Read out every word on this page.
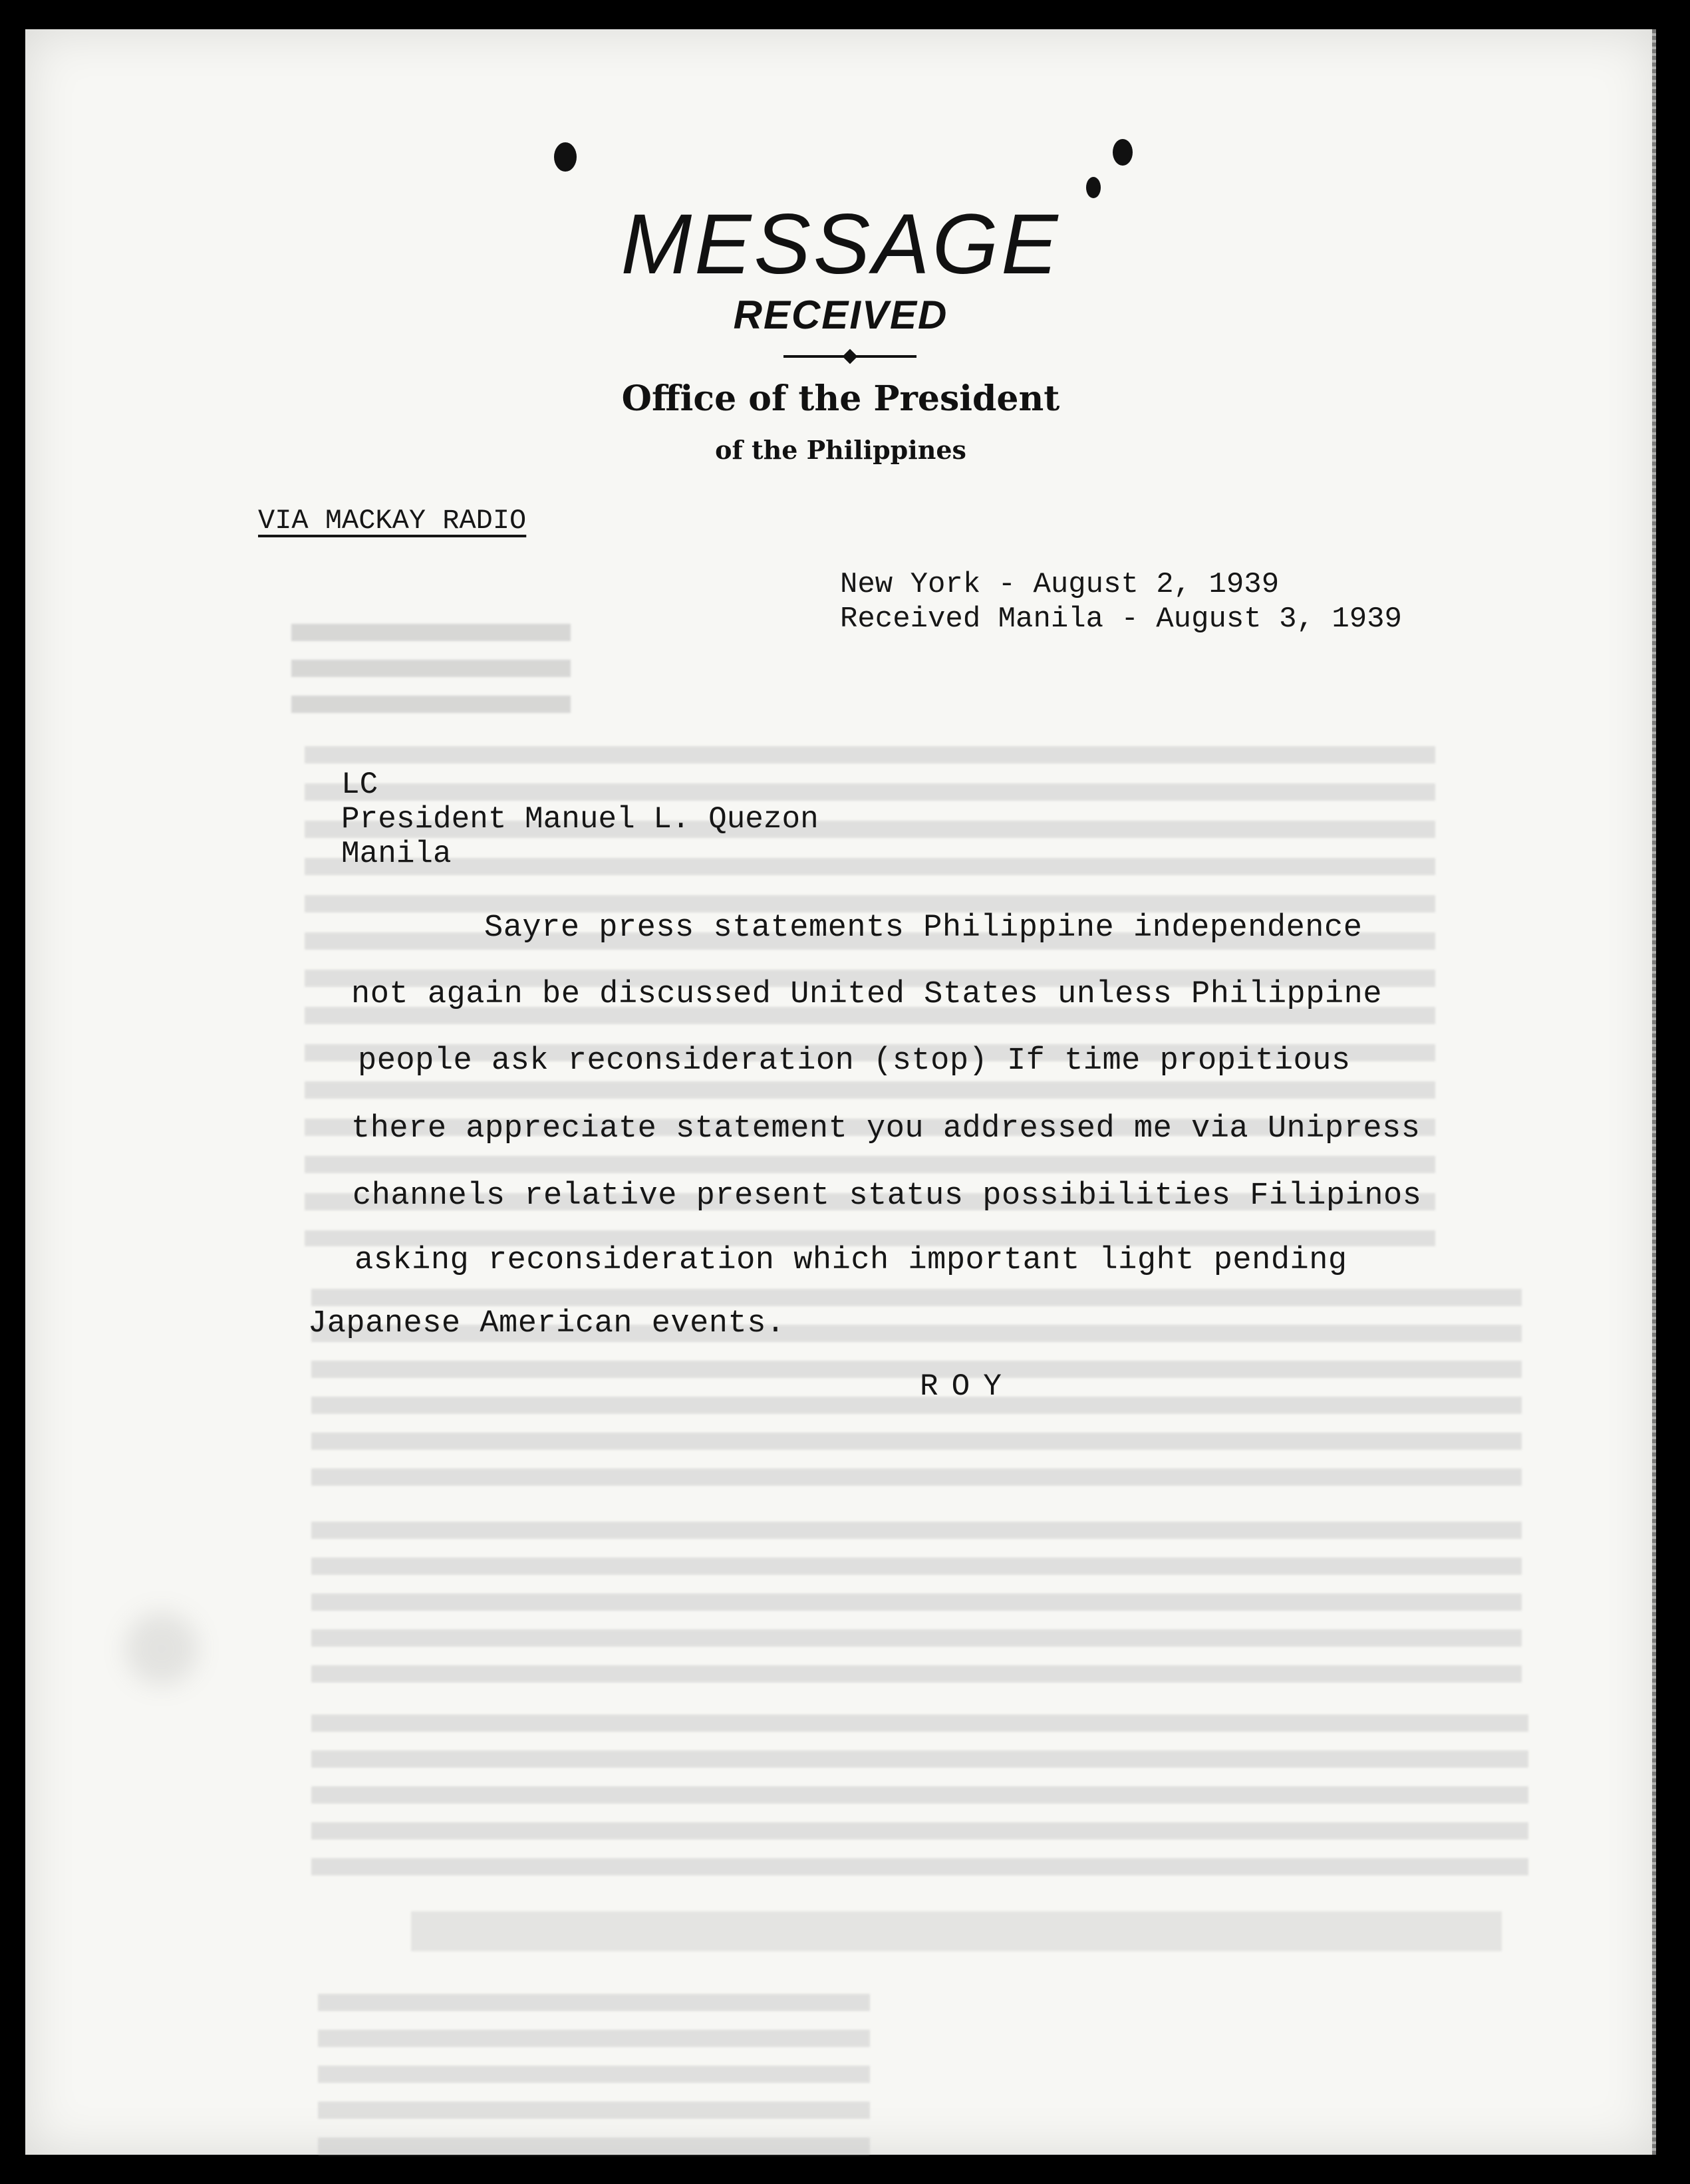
MESSAGE
RECEIVED
Office of the President
of the Philippines
VIA MACKAY RADIO
New York - August 2, 1939
Received Manila - August 3, 1939
LC
President Manuel L. Quezon
Manila
Sayre press statements Philippine independence
not again be discussed United States unless Philippine
people ask reconsideration (stop) If time propitious
there appreciate statement you addressed me via Unipress
channels relative present status possibilities Filipinos
asking reconsideration which important light pending
Japanese American events.
ROY
